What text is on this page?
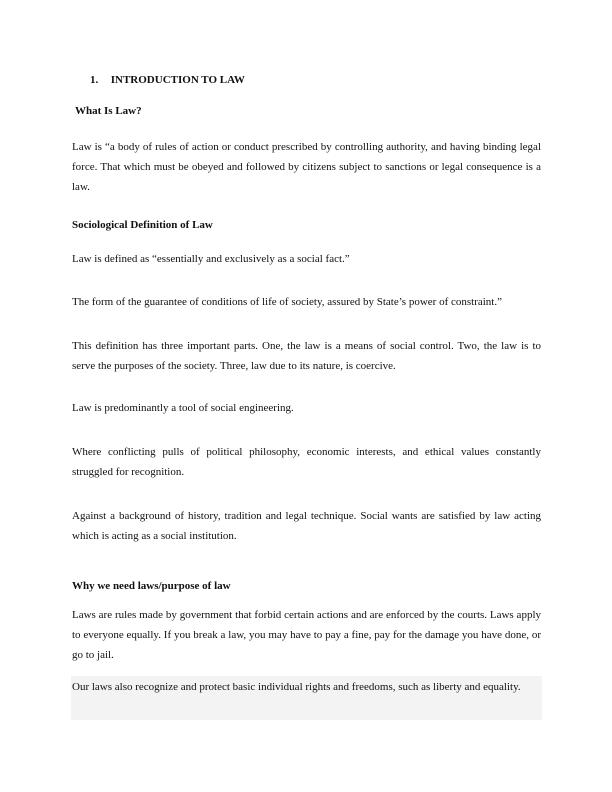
1. INTRODUCTION TO LAW
What Is Law?
Law is “a body of rules of action or conduct prescribed by controlling authority, and having binding legal force. That which must be obeyed and followed by citizens subject to sanctions or legal consequence is a law.
Sociological Definition of Law
Law is defined as “essentially and exclusively as a social fact.”
The form of the guarantee of conditions of life of society, assured by State’s power of constraint.”
This definition has three important parts. One, the law is a means of social control. Two, the law is to serve the purposes of the society. Three, law due to its nature, is coercive.
Law is predominantly a tool of social engineering.
Where conflicting pulls of political philosophy, economic interests, and ethical values constantly struggled for recognition.
Against a background of history, tradition and legal technique. Social wants are satisfied by law acting which is acting as a social institution.
Why we need laws/purpose of law
Laws are rules made by government that forbid certain actions and are enforced by the courts. Laws apply to everyone equally. If you break a law, you may have to pay a fine, pay for the damage you have done, or go to jail.
Our laws also recognize and protect basic individual rights and freedoms, such as liberty and equality.
